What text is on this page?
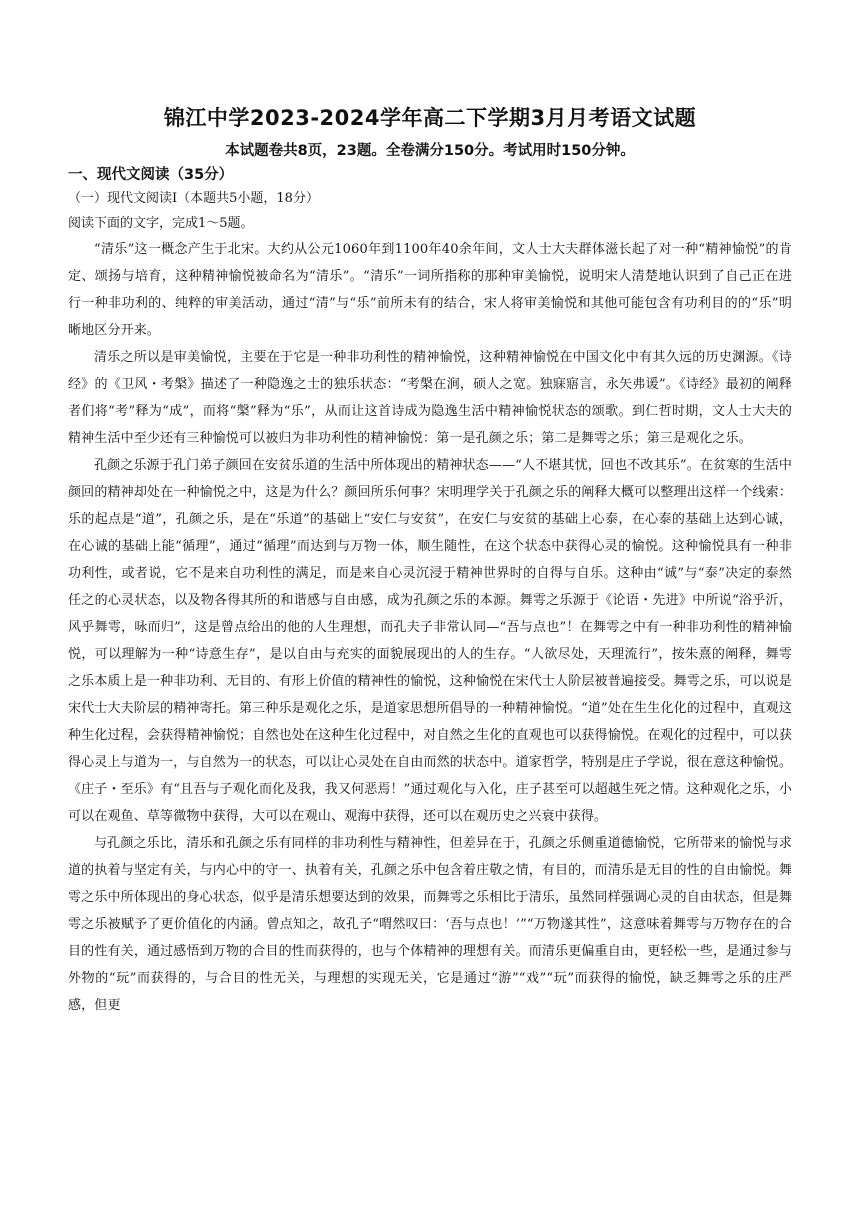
锦江中学2023-2024学年高二下学期3月月考语文试题

本试题卷共8页，23题。全卷满分150分。考试用时150分钟。

一、现代文阅读（35分）

（一）现代文阅读Ⅰ（本题共5小题，18分）

阅读下面的文字，完成1～5题。

“清乐”这一概念产生于北宋。大约从公元1060年到1100年40余年间，文人士大夫群体滋长起了对一种“精神愉悦”的肯定、颂扬与培育，这种精神愉悦被命名为“清乐”。“清乐”一词所指称的那种审美愉悦，说明宋人清楚地认识到了自己正在进行一种非功利的、纯粹的审美活动，通过“清”与“乐”前所未有的结合，宋人将审美愉悦和其他可能包含有功利目的的“乐”明晰地区分开来。

清乐之所以是审美愉悦，主要在于它是一种非功利性的精神愉悦，这种精神愉悦在中国文化中有其久远的历史渊源。《诗经》的《卫风・考槃》描述了一种隐逸之士的独乐状态：“考槃在涧，硕人之宽。独寐寤言，永矢弗谖”。《诗经》最初的阐释者们将“考”释为“成”，而将“槃”释为“乐”，从而让这首诗成为隐逸生活中精神愉悦状态的颂歌。到仁哲时期，文人士大夫的精神生活中至少还有三种愉悦可以被归为非功利性的精神愉悦：第一是孔颜之乐；第二是舞雩之乐；第三是观化之乐。

孔颜之乐源于孔门弟子颜回在安贫乐道的生活中所体现出的精神状态——“人不堪其忧，回也不改其乐”。在贫寒的生活中颜回的精神却处在一种愉悦之中，这是为什么？颜回所乐何事？宋明理学关于孔颜之乐的阐释大概可以整理出这样一个线索：乐的起点是“道”，孔颜之乐，是在“乐道”的基础上“安仁与安贫”，在安仁与安贫的基础上心泰，在心泰的基础上达到心诚，在心诚的基础上能“循理”，通过“循理”而达到与万物一体，顺生随性，在这个状态中获得心灵的愉悦。这种愉悦具有一种非功利性，或者说，它不是来自功利性的满足，而是来自心灵沉浸于精神世界时的自得与自乐。这种由“诚”与“泰”决定的泰然任之的心灵状态，以及物各得其所的和谐感与自由感，成为孔颜之乐的本源。舞雩之乐源于《论语・先进》中所说“浴乎沂，风乎舞雩，咏而归”，这是曾点给出的他的人生理想，而孔夫子非常认同—“吾与点也”！在舞雩之中有一种非功利性的精神愉悦，可以理解为一种“诗意生存”，是以自由与充实的面貌展现出的人的生存。“人欲尽处，天理流行”，按朱熹的阐释，舞雩之乐本质上是一种非功利、无目的、有形上价值的精神性的愉悦，这种愉悦在宋代士人阶层被普遍接受。舞雩之乐，可以说是宋代士大夫阶层的精神寄托。第三种乐是观化之乐，是道家思想所倡导的一种精神愉悦。“道”处在生生化化的过程中，直观这种生化过程，会获得精神愉悦；自然也处在这种生化过程中，对自然之生化的直观也可以获得愉悦。在观化的过程中，可以获得心灵上与道为一，与自然为一的状态，可以让心灵处在自由而然的状态中。道家哲学，特别是庄子学说，很在意这种愉悦。《庄子・至乐》有“且吾与子观化而化及我，我又何恶焉！”通过观化与入化，庄子甚至可以超越生死之情。这种观化之乐，小可以在观鱼、草等微物中获得，大可以在观山、观海中获得，还可以在观历史之兴衰中获得。

与孔颜之乐比，清乐和孔颜之乐有同样的非功利性与精神性，但差异在于，孔颜之乐侧重道德愉悦，它所带来的愉悦与求道的执着与坚定有关，与内心中的守一、执着有关，孔颜之乐中包含着庄敬之情，有目的，而清乐是无目的性的自由愉悦。舞雩之乐中所体现出的身心状态，似乎是清乐想要达到的效果，而舞雩之乐相比于清乐，虽然同样强调心灵的自由状态，但是舞雩之乐被赋予了更价值化的内涵。曾点知之，故孔子“喟然叹曰：‘吾与点也！’”“万物遂其性”，这意味着舞雩与万物存在的合目的性有关，通过感悟到万物的合目的性而获得的，也与个体精神的理想有关。而清乐更偏重自由，更轻松一些，是通过参与外物的“玩”而获得的，与合目的性无关，与理想的实现无关，它是通过“游”“戏”“玩”而获得的愉悦，缺乏舞雩之乐的庄严感，但更
